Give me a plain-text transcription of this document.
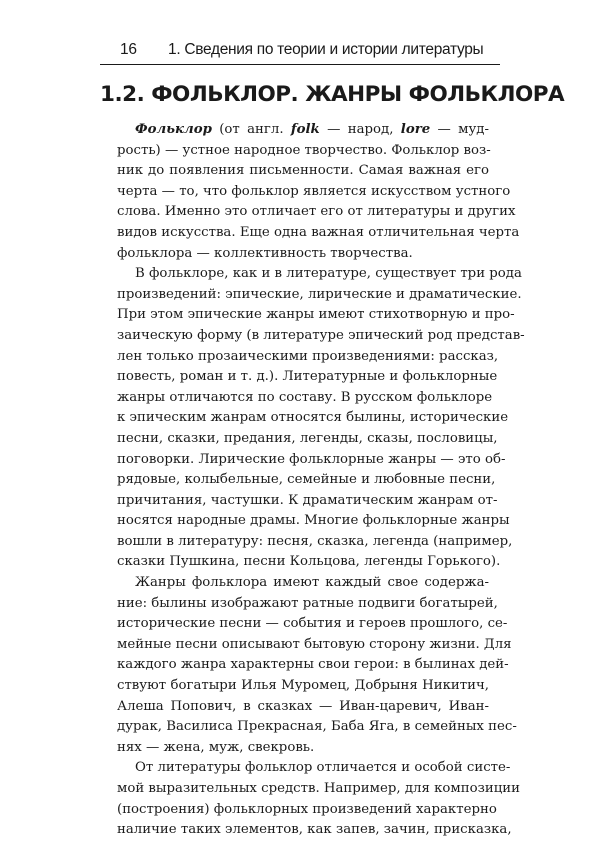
16 1. Сведения по теории и истории литературы
1.2. ФОЛЬКЛОР. ЖАНРЫ ФОЛЬКЛОРА

Фольклор (от англ. folk — народ, lore — муд-
рость) — устное народное творчество. Фольклор воз-
ник до появления письменности. Самая важная его
черта — то, что фольклор является искусством устного
слова. Именно это отличает его от литературы и других
видов искусства. Еще одна важная отличительная черта
фольклора — коллективность творчества.

В фольклоре, как и в литературе, существует три рода
произведений: эпические, лирические и драматические.
При этом эпические жанры имеют стихотворную и про-
заическую форму (в литературе эпический род представ-
лен только прозаическими произведениями: рассказ,
повесть, роман и т. д.). Литературные и фольклорные
жанры отличаются по составу. В русском фольклоре
к эпическим жанрам относятся былины, исторические
песни, сказки, предания, легенды, сказы, пословицы,
поговорки. Лирические фольклорные жанры — это об-
рядовые, колыбельные, семейные и любовные песни,
причитания, частушки. К драматическим жанрам от-
носятся народные драмы. Многие фольклорные жанры
вошли в литературу: песня, сказка, легенда (например,
сказки Пушкина, песни Кольцова, легенды Горького).

Жанры фольклора имеют каждый свое содержа-
ние: былины изображают ратные подвиги богатырей,
исторические песни — события и героев прошлого, се-
мейные песни описывают бытовую сторону жизни. Для
каждого жанра характерны свои герои: в былинах дей-
ствуют богатыри Илья Муромец, Добрыня Никитич,
Алеша Попович, в сказках — Иван-царевич, Иван-
дурак, Василиса Прекрасная, Баба Яга, в семейных пес-
нях — жена, муж, свекровь.

От литературы фольклор отличается и особой систе-
мой выразительных средств. Например, для композиции
(построения) фольклорных произведений характерно
наличие таких элементов, как запев, зачин, присказка,
